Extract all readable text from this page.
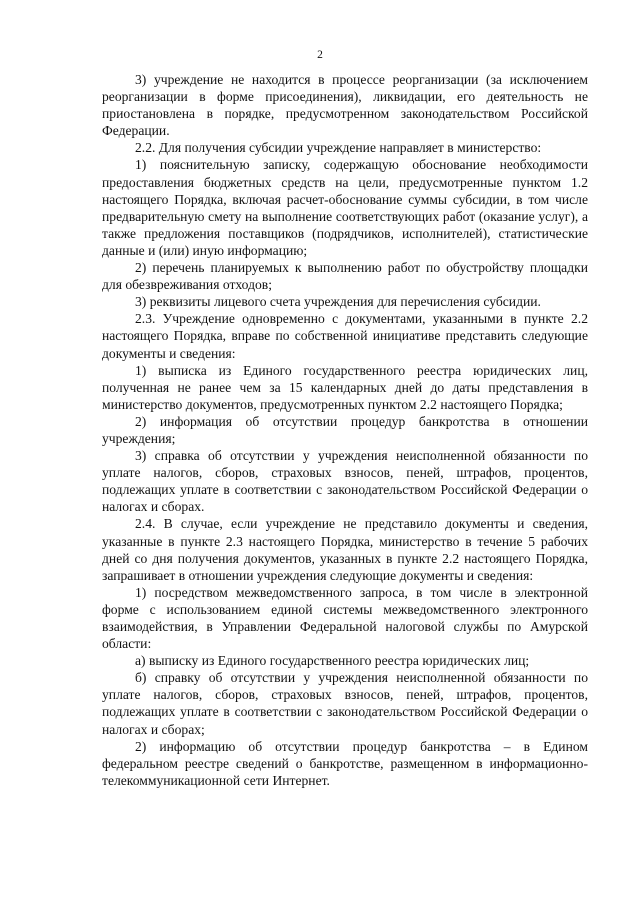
2

3) учреждение не находится в процессе реорганизации (за исключением реорганизации в форме присоединения), ликвидации, его деятельность не приостановлена в порядке, предусмотренном законодательством Российской Федерации.

2.2. Для получения субсидии учреждение направляет в министерство:

1) пояснительную записку, содержащую обоснование необходимости предоставления бюджетных средств на цели, предусмотренные пунктом 1.2 настоящего Порядка, включая расчет-обоснование суммы субсидии, в том числе предварительную смету на выполнение соответствующих работ (оказание услуг), а также предложения поставщиков (подрядчиков, исполнителей), статистические данные и (или) иную информацию;

2) перечень планируемых к выполнению работ по обустройству площадки для обезвреживания отходов;

3) реквизиты лицевого счета учреждения для перечисления субсидии.

2.3. Учреждение одновременно с документами, указанными в пункте 2.2 настоящего Порядка, вправе по собственной инициативе представить следующие документы и сведения:

1) выписка из Единого государственного реестра юридических лиц, полученная не ранее чем за 15 календарных дней до даты представления в министерство документов, предусмотренных пунктом 2.2 настоящего Порядка;

2) информация об отсутствии процедур банкротства в отношении учреждения;

3) справка об отсутствии у учреждения неисполненной обязанности по уплате налогов, сборов, страховых взносов, пеней, штрафов, процентов, подлежащих уплате в соответствии с законодательством Российской Федерации о налогах и сборах.

2.4. В случае, если учреждение не представило документы и сведения, указанные в пункте 2.3 настоящего Порядка, министерство в течение 5 рабочих дней со дня получения документов, указанных в пункте 2.2 настоящего Порядка, запрашивает в отношении учреждения следующие документы и сведения:

1) посредством межведомственного запроса, в том числе в электронной форме с использованием единой системы межведомственного электронного взаимодействия, в Управлении Федеральной налоговой службы по Амурской области:

а) выписку из Единого государственного реестра юридических лиц;

б) справку об отсутствии у учреждения неисполненной обязанности по уплате налогов, сборов, страховых взносов, пеней, штрафов, процентов, подлежащих уплате в соответствии с законодательством Российской Федерации о налогах и сборах;

2) информацию об отсутствии процедур банкротства – в Едином федеральном реестре сведений о банкротстве, размещенном в информационно-телекоммуникационной сети Интернет.
